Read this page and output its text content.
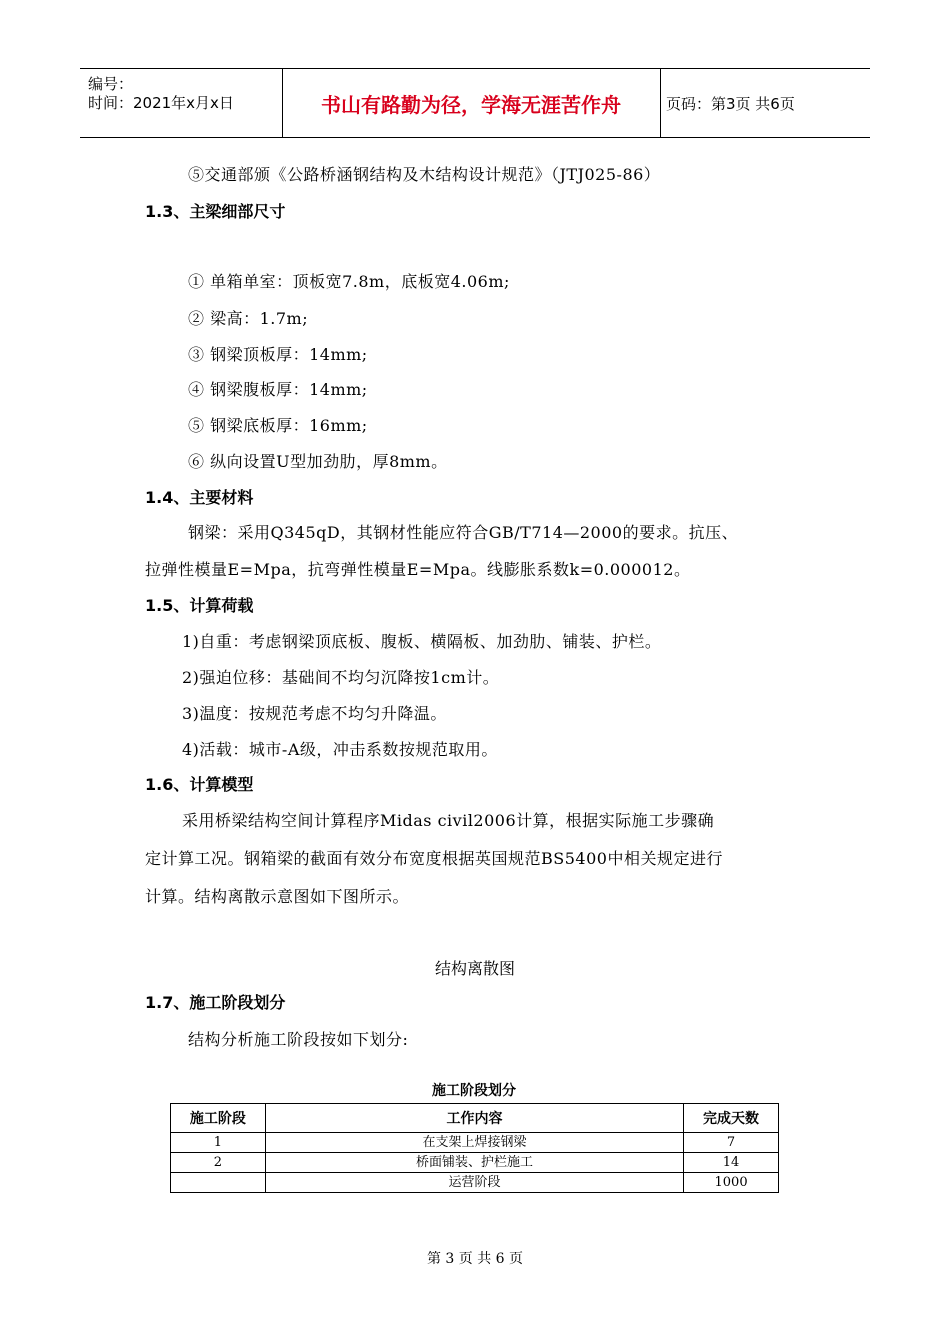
编号：
时间：2021年x月x日	书山有路勤为径，学海无涯苦作舟	页码：第3页 共6页
⑤交通部颁《公路桥涵钢结构及木结构设计规范》（JTJ025-86）
1.3、主梁细部尺寸
① 单箱单室：顶板宽7.8m，底板宽4.06m;
② 梁高：1.7m;
③ 钢梁顶板厚：14mm;
④ 钢梁腹板厚：14mm;
⑤ 钢梁底板厚：16mm;
⑥ 纵向设置U型加劲肋，厚8mm。
1.4、主要材料
钢梁：采用Q345qD，其钢材性能应符合GB/T714—2000的要求。抗压、
拉弹性模量E=Mpa，抗弯弹性模量E=Mpa。线膨胀系数k=0.000012。
1.5、计算荷载
1)自重：考虑钢梁顶底板、腹板、横隔板、加劲肋、铺装、护栏。
2)强迫位移：基础间不均匀沉降按1cm计。
3)温度：按规范考虑不均匀升降温。
4)活载：城市-A级，冲击系数按规范取用。
1.6、计算模型
采用桥梁结构空间计算程序Midas civil2006计算，根据实际施工步骤确
定计算工况。钢箱梁的截面有效分布宽度根据英国规范BS5400中相关规定进行
计算。结构离散示意图如下图所示。
结构离散图
1.7、施工阶段划分
结构分析施工阶段按如下划分:
施工阶段划分
施工阶段	工作内容	完成天数
1	在支架上焊接钢梁	7
2	桥面铺装、护栏施工	14
	运营阶段	1000
第 3 页 共 6 页
